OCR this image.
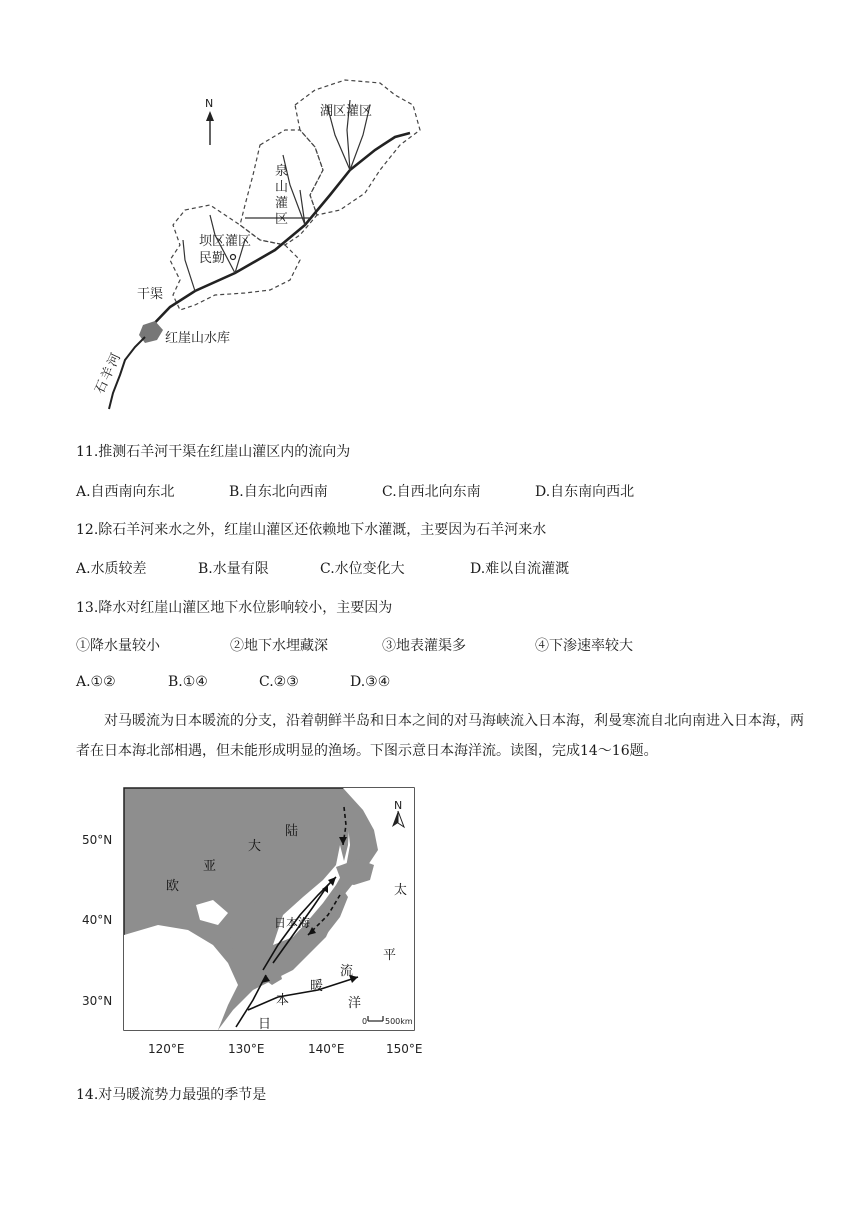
N
湖区灌区
泉
山
灌
区
坝区灌区
民勤
干渠
红崖山水库
石
羊
河
11.推测石羊河干渠在红崖山灌区内的流向为
A.自西南向东北	B.自东北向西南	C.自西北向东南	D.自东南向西北
12.除石羊河来水之外，红崖山灌区还依赖地下水灌溉，主要因为石羊河来水
A.水质较差	B.水量有限	C.水位变化大	D.难以自流灌溉
13.降水对红崖山灌区地下水位影响较小，主要因为
①降水量较小	②地下水埋藏深	③地表灌渠多	④下渗速率较大
A.①②	B.①④	C.②③	D.③④
对马暖流为日本暖流的分支，沿着朝鲜半岛和日本之间的对马海峡流入日本海，利曼寒流自北向南进入日本海，两者在日本海北部相遇，但未能形成明显的渔场。下图示意日本海洋流。读图，完成14～16题。
N
0 500km
欧
亚
大
陆
太
平
洋
日本海
日
本
暖
流
50°N
40°N
30°N
120°E	130°E	140°E	150°E
14.对马暖流势力最强的季节是
